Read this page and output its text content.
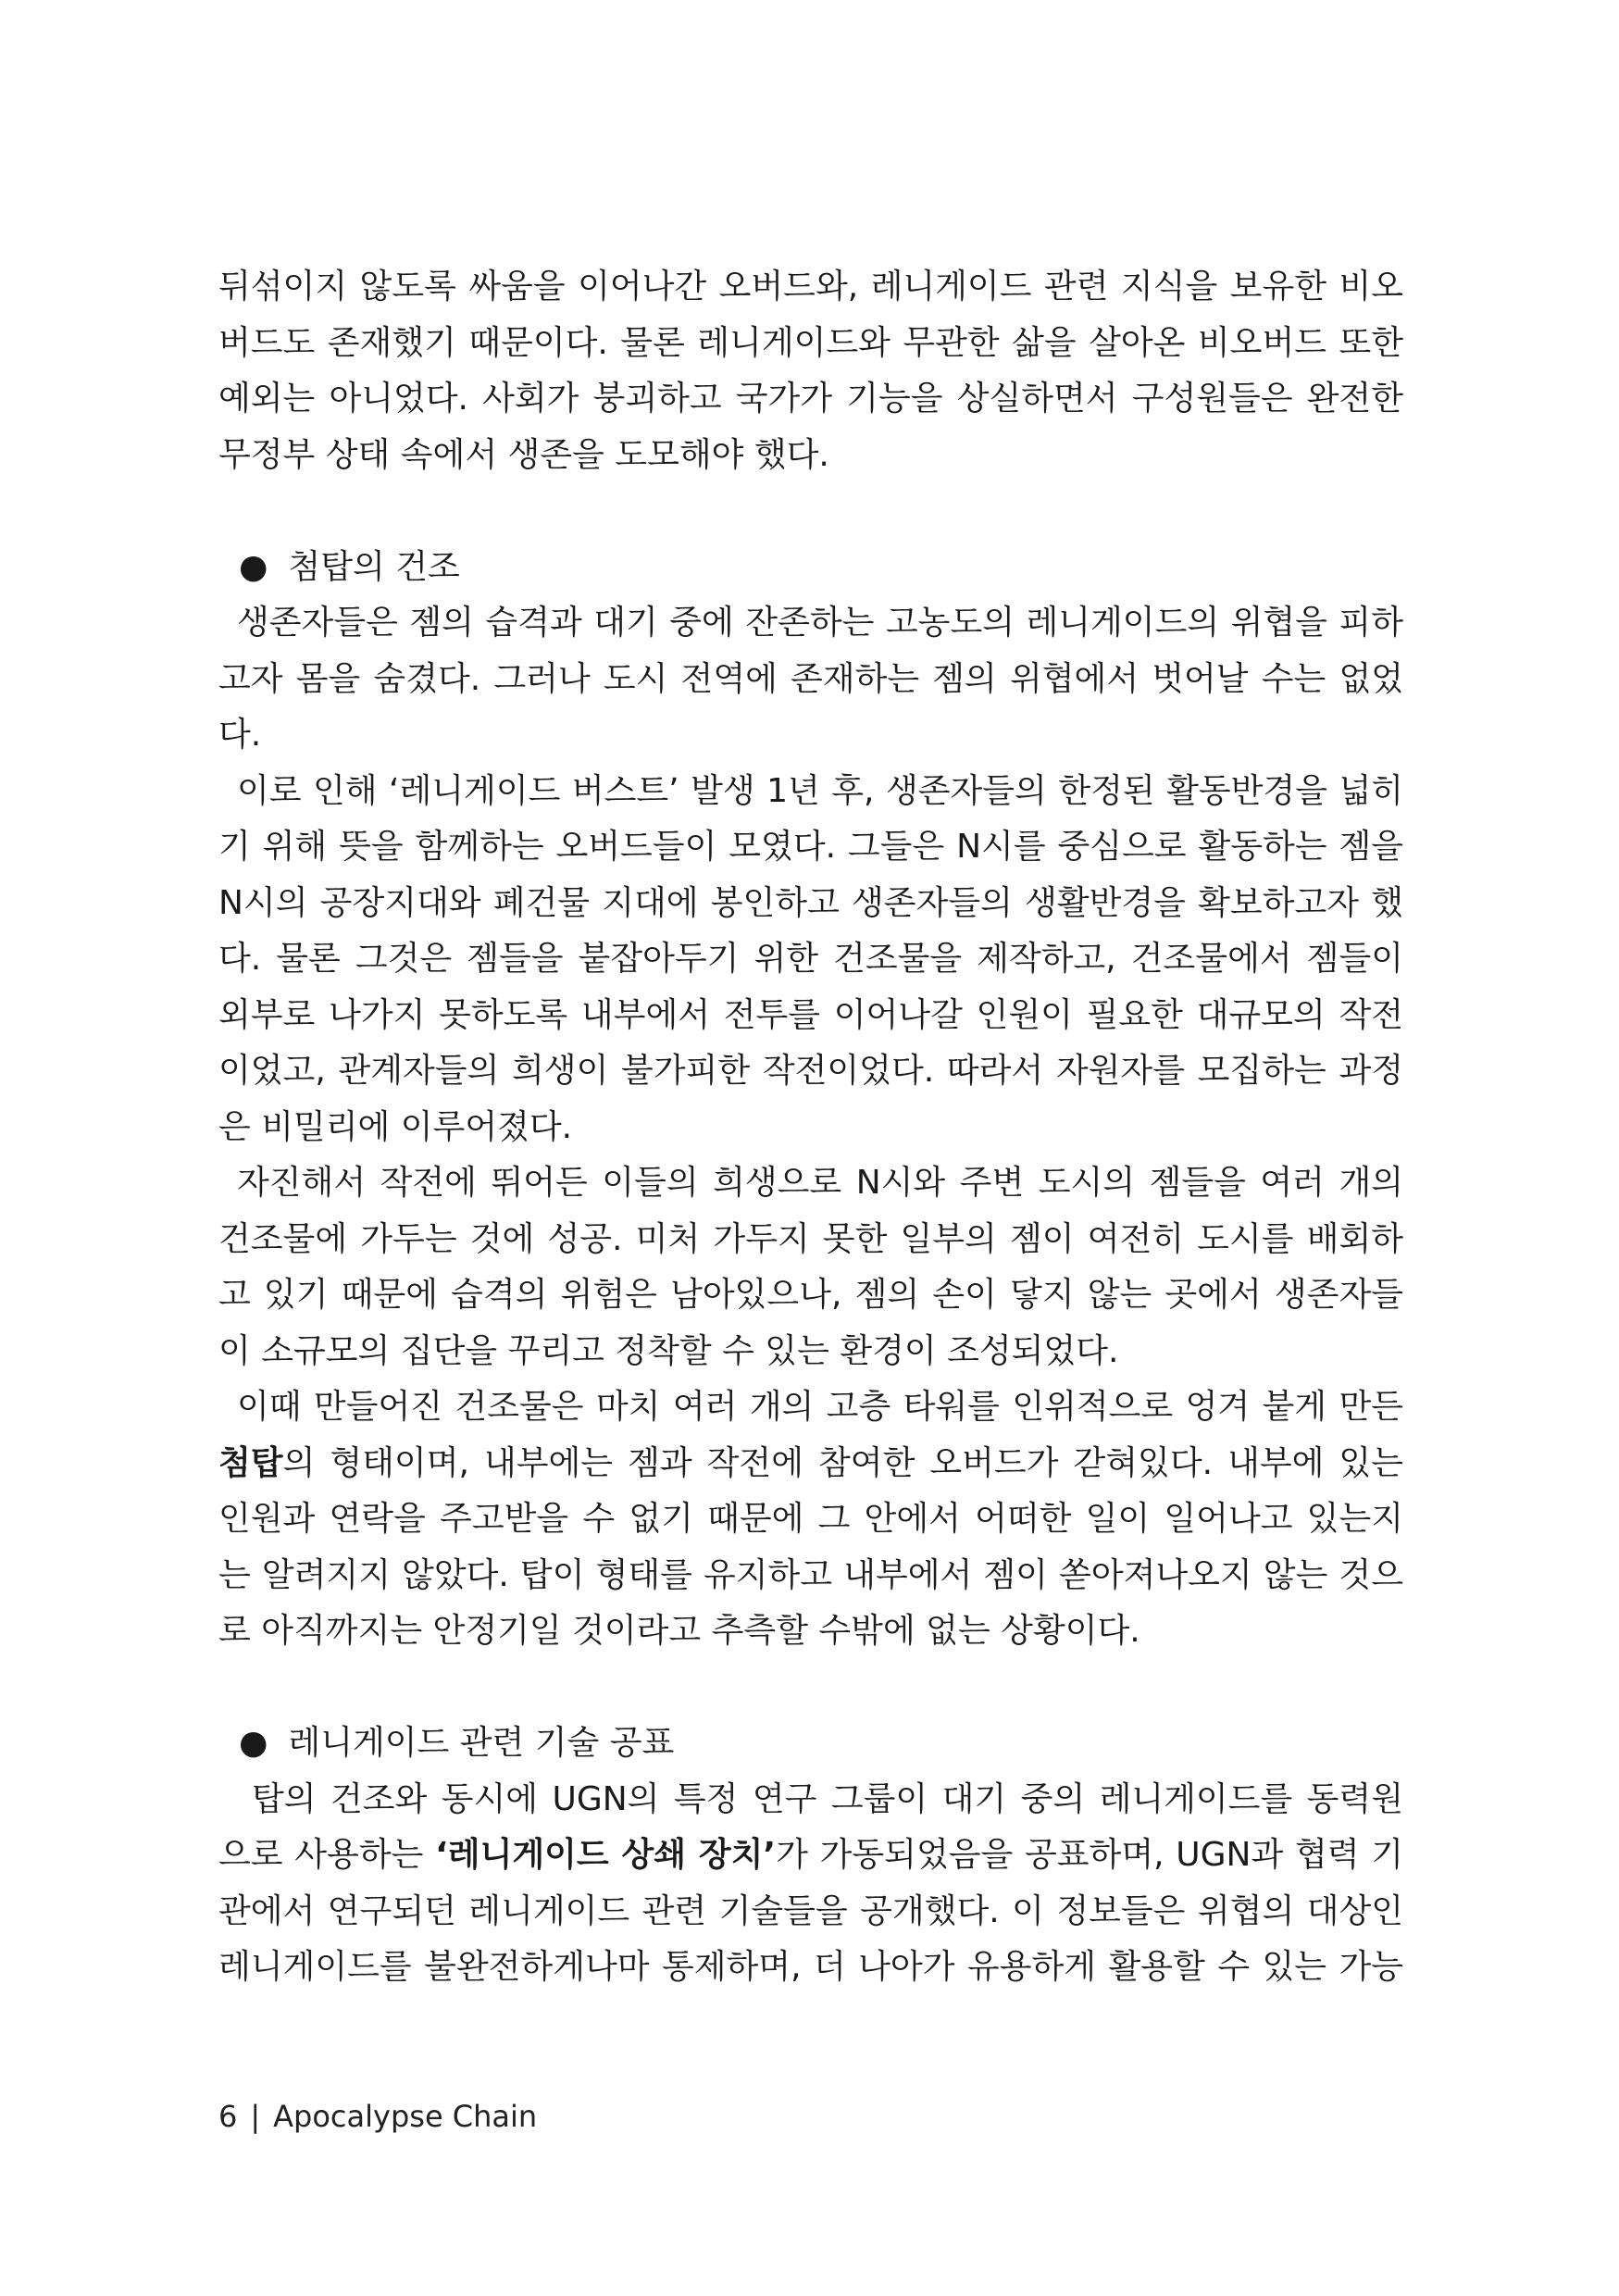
뒤섞이지 않도록 싸움을 이어나간 오버드와, 레니게이드 관련 지식을 보유한 비오
버드도 존재했기 때문이다. 물론 레니게이드와 무관한 삶을 살아온 비오버드 또한
예외는 아니었다. 사회가 붕괴하고 국가가 기능을 상실하면서 구성원들은 완전한
무정부 상태 속에서 생존을 도모해야 했다.
● 첨탑의 건조
생존자들은 젬의 습격과 대기 중에 잔존하는 고농도의 레니게이드의 위협을 피하
고자 몸을 숨겼다. 그러나 도시 전역에 존재하는 젬의 위협에서 벗어날 수는 없었
다.
이로 인해 ‘레니게이드 버스트’ 발생 1년 후, 생존자들의 한정된 활동반경을 넓히
기 위해 뜻을 함께하는 오버드들이 모였다. 그들은 N시를 중심으로 활동하는 젬을
N시의 공장지대와 폐건물 지대에 봉인하고 생존자들의 생활반경을 확보하고자 했
다. 물론 그것은 젬들을 붙잡아두기 위한 건조물을 제작하고, 건조물에서 젬들이
외부로 나가지 못하도록 내부에서 전투를 이어나갈 인원이 필요한 대규모의 작전
이었고, 관계자들의 희생이 불가피한 작전이었다. 따라서 자원자를 모집하는 과정
은 비밀리에 이루어졌다.
자진해서 작전에 뛰어든 이들의 희생으로 N시와 주변 도시의 젬들을 여러 개의
건조물에 가두는 것에 성공. 미처 가두지 못한 일부의 젬이 여전히 도시를 배회하
고 있기 때문에 습격의 위험은 남아있으나, 젬의 손이 닿지 않는 곳에서 생존자들
이 소규모의 집단을 꾸리고 정착할 수 있는 환경이 조성되었다.
이때 만들어진 건조물은 마치 여러 개의 고층 타워를 인위적으로 엉겨 붙게 만든
첨탑의 형태이며, 내부에는 젬과 작전에 참여한 오버드가 갇혀있다. 내부에 있는
인원과 연락을 주고받을 수 없기 때문에 그 안에서 어떠한 일이 일어나고 있는지
는 알려지지 않았다. 탑이 형태를 유지하고 내부에서 젬이 쏟아져나오지 않는 것으
로 아직까지는 안정기일 것이라고 추측할 수밖에 없는 상황이다.
● 레니게이드 관련 기술 공표
탑의 건조와 동시에 UGN의 특정 연구 그룹이 대기 중의 레니게이드를 동력원
으로 사용하는 ‘레니게이드 상쇄 장치’가 가동되었음을 공표하며, UGN과 협력 기
관에서 연구되던 레니게이드 관련 기술들을 공개했다. 이 정보들은 위협의 대상인
레니게이드를 불완전하게나마 통제하며, 더 나아가 유용하게 활용할 수 있는 가능
6 | Apocalypse Chain
